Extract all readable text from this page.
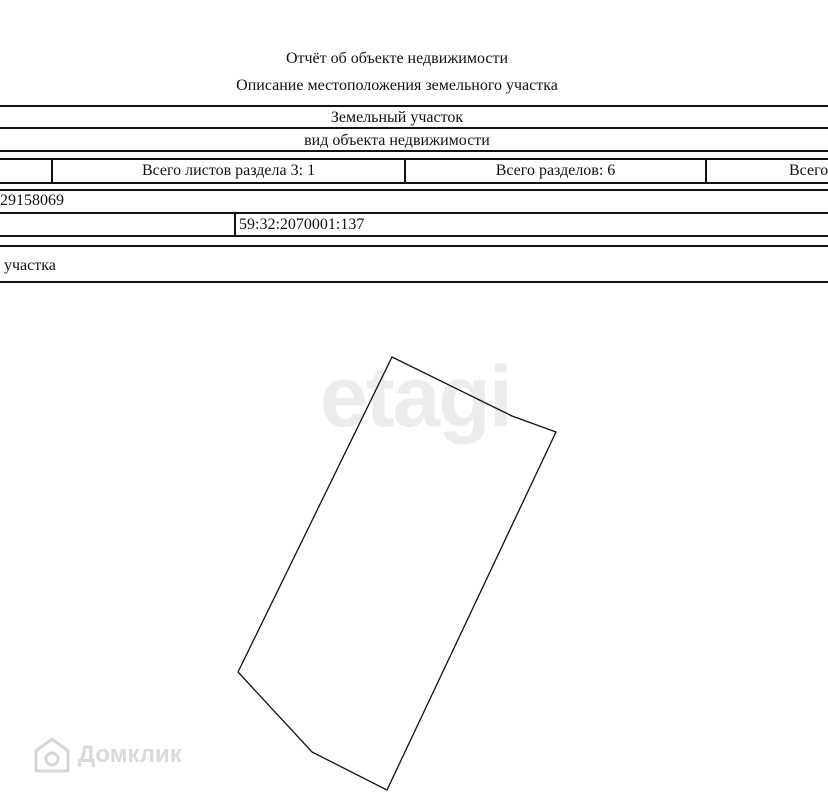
Отчёт об объекте недвижимости
Описание местоположения земельного участка
Земельный участок
вид объекта недвижимости
Всего листов раздела 3: 1	Всего разделов: 6	Всего
29158069
59:32:2070001:137
участка
etagi
Домклик
